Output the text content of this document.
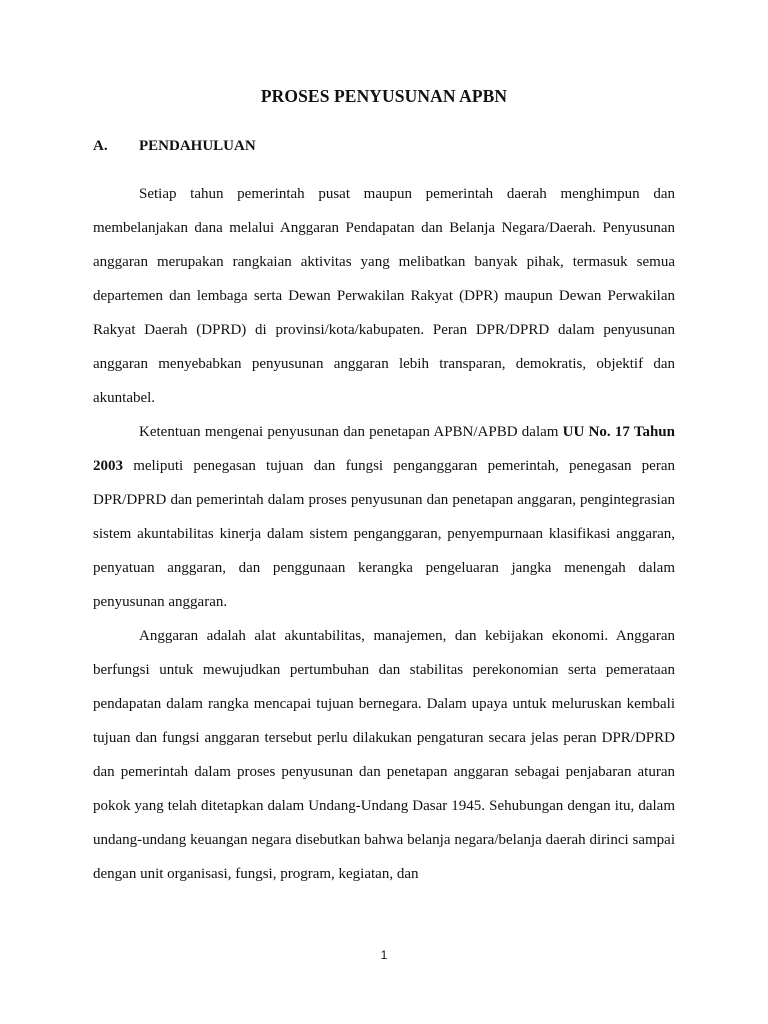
PROSES PENYUSUNAN APBN
A. PENDAHULUAN

Setiap tahun pemerintah pusat maupun pemerintah daerah menghimpun dan membelanjakan dana melalui Anggaran Pendapatan dan Belanja Negara/Daerah. Penyusunan anggaran merupakan rangkaian aktivitas yang melibatkan banyak pihak, termasuk semua departemen dan lembaga serta Dewan Perwakilan Rakyat (DPR) maupun Dewan Perwakilan Rakyat Daerah (DPRD) di provinsi/kota/kabupaten. Peran DPR/DPRD dalam penyusunan anggaran menyebabkan penyusunan anggaran lebih transparan, demokratis, objektif dan akuntabel.

Ketentuan mengenai penyusunan dan penetapan APBN/APBD dalam UU No. 17 Tahun 2003 meliputi penegasan tujuan dan fungsi penganggaran pemerintah, penegasan peran DPR/DPRD dan pemerintah dalam proses penyusunan dan penetapan anggaran, pengintegrasian sistem akuntabilitas kinerja dalam sistem penganggaran, penyempurnaan klasifikasi anggaran, penyatuan anggaran, dan penggunaan kerangka pengeluaran jangka menengah dalam penyusunan anggaran.

Anggaran adalah alat akuntabilitas, manajemen, dan kebijakan ekonomi. Anggaran berfungsi untuk mewujudkan pertumbuhan dan stabilitas perekonomian serta pemerataan pendapatan dalam rangka mencapai tujuan bernegara. Dalam upaya untuk meluruskan kembali tujuan dan fungsi anggaran tersebut perlu dilakukan pengaturan secara jelas peran DPR/DPRD dan pemerintah dalam proses penyusunan dan penetapan anggaran sebagai penjabaran aturan pokok yang telah ditetapkan dalam Undang-Undang Dasar 1945. Sehubungan dengan itu, dalam undang-undang keuangan negara disebutkan bahwa belanja negara/belanja daerah dirinci sampai dengan unit organisasi, fungsi, program, kegiatan, dan

1
